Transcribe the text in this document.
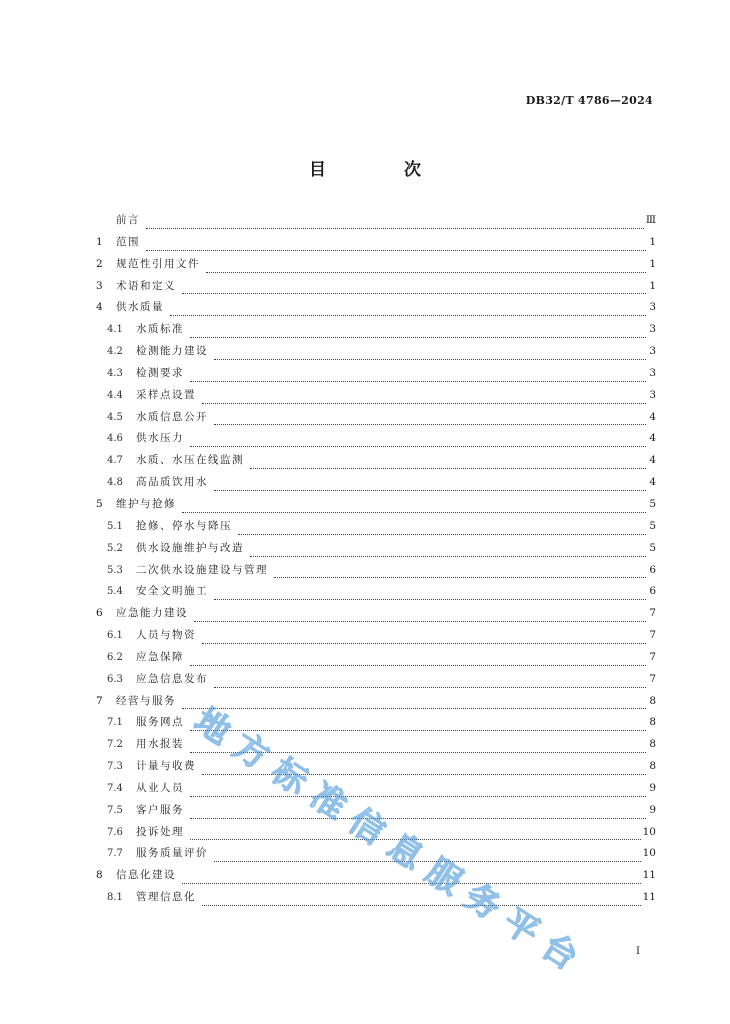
DB32/T 4786—2024
目 次
前言	Ⅲ
1	范围	1
2	规范性引用文件	1
3	术语和定义	1
4	供水质量	3
4.1	水质标准	3
4.2	检测能力建设	3
4.3	检测要求	3
4.4	采样点设置	3
4.5	水质信息公开	4
4.6	供水压力	4
4.7	水质、水压在线监测	4
4.8	高品质饮用水	4
5	维护与抢修	5
5.1	抢修、停水与降压	5
5.2	供水设施维护与改造	5
5.3	二次供水设施建设与管理	6
5.4	安全文明施工	6
6	应急能力建设	7
6.1	人员与物资	7
6.2	应急保障	7
6.3	应急信息发布	7
7	经营与服务	8
7.1	服务网点	8
7.2	用水报装	8
7.3	计量与收费	8
7.4	从业人员	9
7.5	客户服务	9
7.6	投诉处理	10
7.7	服务质量评价	10
8	信息化建设	11
8.1	管理信息化	11
I
地方标准信息服务平台
